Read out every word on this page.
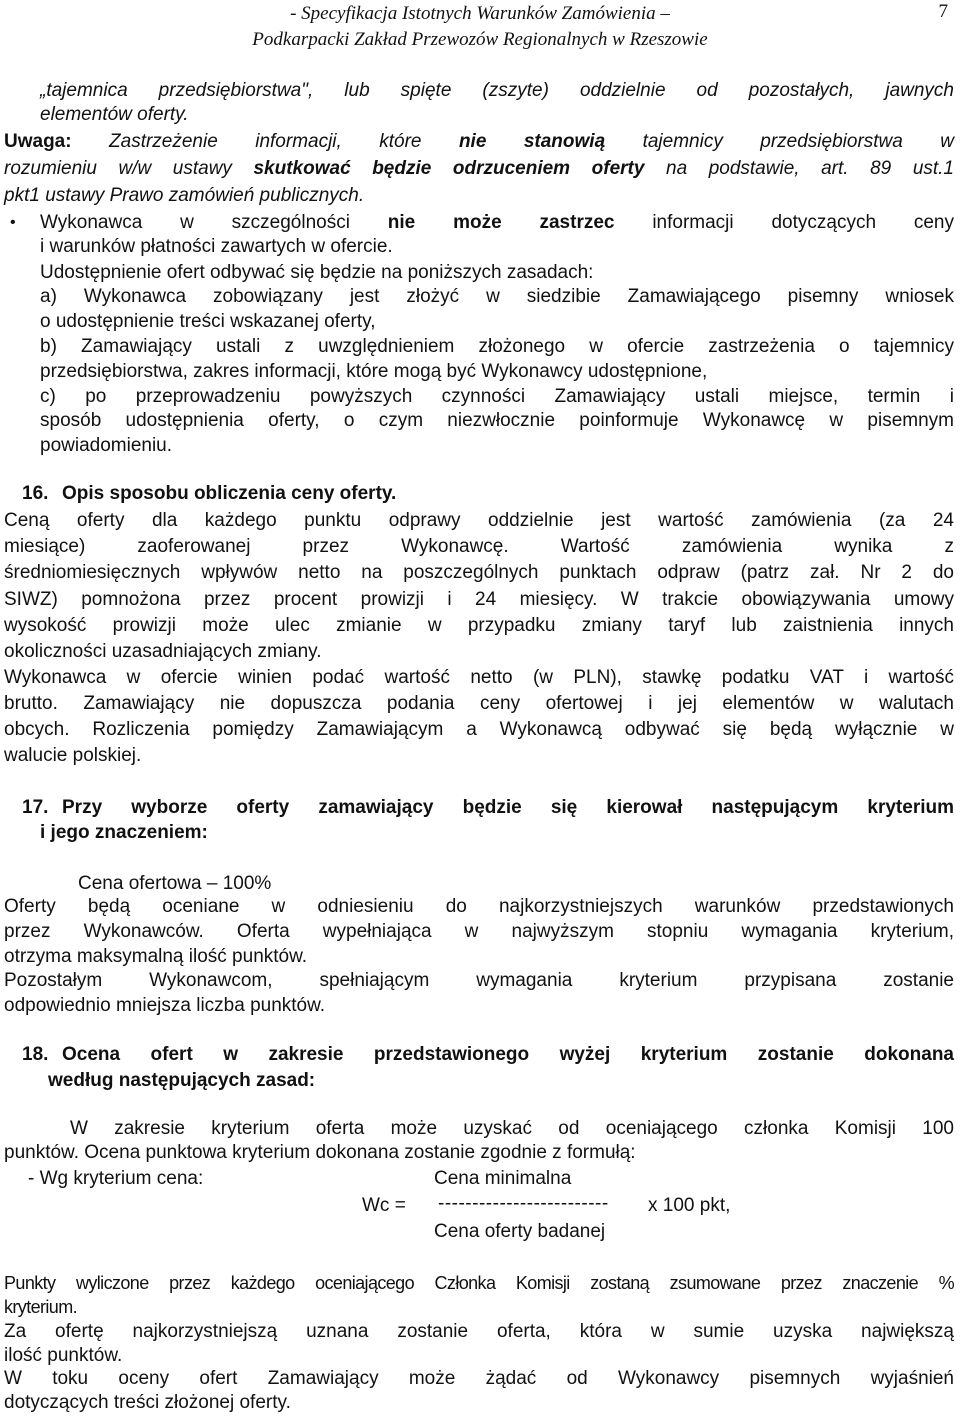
- Specyfikacja Istotnych Warunków Zamówienia –
Podkarpacki Zakład Przewozów Regionalnych w Rzeszowie
7
„tajemnica przedsiębiorstwa", lub spięte (zszyte) oddzielnie od pozostałych, jawnych
elementów oferty.
Uwaga: Zastrzeżenie informacji, które nie stanowią tajemnicy przedsiębiorstwa w
rozumieniu w/w ustawy skutkować będzie odrzuceniem oferty na podstawie, art. 89 ust.1
pkt1 ustawy Prawo zamówień publicznych.
• Wykonawca w szczególności nie może zastrzec informacji dotyczących ceny
i warunków płatności zawartych w ofercie.
Udostępnienie ofert odbywać się będzie na poniższych zasadach:
a) Wykonawca zobowiązany jest złożyć w siedzibie Zamawiającego pisemny wniosek
o udostępnienie treści wskazanej oferty,
b) Zamawiający ustali z uwzględnieniem złożonego w ofercie zastrzeżenia o tajemnicy
przedsiębiorstwa, zakres informacji, które mogą być Wykonawcy udostępnione,
c) po przeprowadzeniu powyższych czynności Zamawiający ustali miejsce, termin i
sposób udostępnienia oferty, o czym niezwłocznie poinformuje Wykonawcę w pisemnym
powiadomieniu.
16. Opis sposobu obliczenia ceny oferty.
Ceną oferty dla każdego punktu odprawy oddzielnie jest wartość zamówienia (za 24
miesiące) zaoferowanej przez Wykonawcę. Wartość zamówienia wynika z
średniomiesięcznych wpływów netto na poszczególnych punktach odpraw (patrz zał. Nr 2 do
SIWZ) pomnożona przez procent prowizji i 24 miesięcy. W trakcie obowiązywania umowy
wysokość prowizji może ulec zmianie w przypadku zmiany taryf lub zaistnienia innych
okoliczności uzasadniających zmiany.
Wykonawca w ofercie winien podać wartość netto (w PLN), stawkę podatku VAT i wartość
brutto. Zamawiający nie dopuszcza podania ceny ofertowej i jej elementów w walutach
obcych. Rozliczenia pomiędzy Zamawiającym a Wykonawcą odbywać się będą wyłącznie w
walucie polskiej.
17. Przy wyborze oferty zamawiający będzie się kierował następującym kryterium
i jego znaczeniem:
Cena ofertowa – 100%
Oferty będą oceniane w odniesieniu do najkorzystniejszych warunków przedstawionych
przez Wykonawców. Oferta wypełniająca w najwyższym stopniu wymagania kryterium,
otrzyma maksymalną ilość punktów.
Pozostałym Wykonawcom, spełniającym wymagania kryterium przypisana zostanie
odpowiednio mniejsza liczba punktów.
18. Ocena ofert w zakresie przedstawionego wyżej kryterium zostanie dokonana
według następujących zasad:
W zakresie kryterium oferta może uzyskać od oceniającego członka Komisji 100
punktów. Ocena punktowa kryterium dokonana zostanie zgodnie z formułą:
- Wg kryterium cena:	Cena minimalna
Wc = ------------------------- x 100 pkt,
Cena oferty badanej
Punkty wyliczone przez każdego oceniającego Członka Komisji zostaną zsumowane przez znaczenie %
kryterium.
Za ofertę najkorzystniejszą uznana zostanie oferta, która w sumie uzyska największą
ilość punktów.
W toku oceny ofert Zamawiający może żądać od Wykonawcy pisemnych wyjaśnień
dotyczących treści złożonej oferty.
